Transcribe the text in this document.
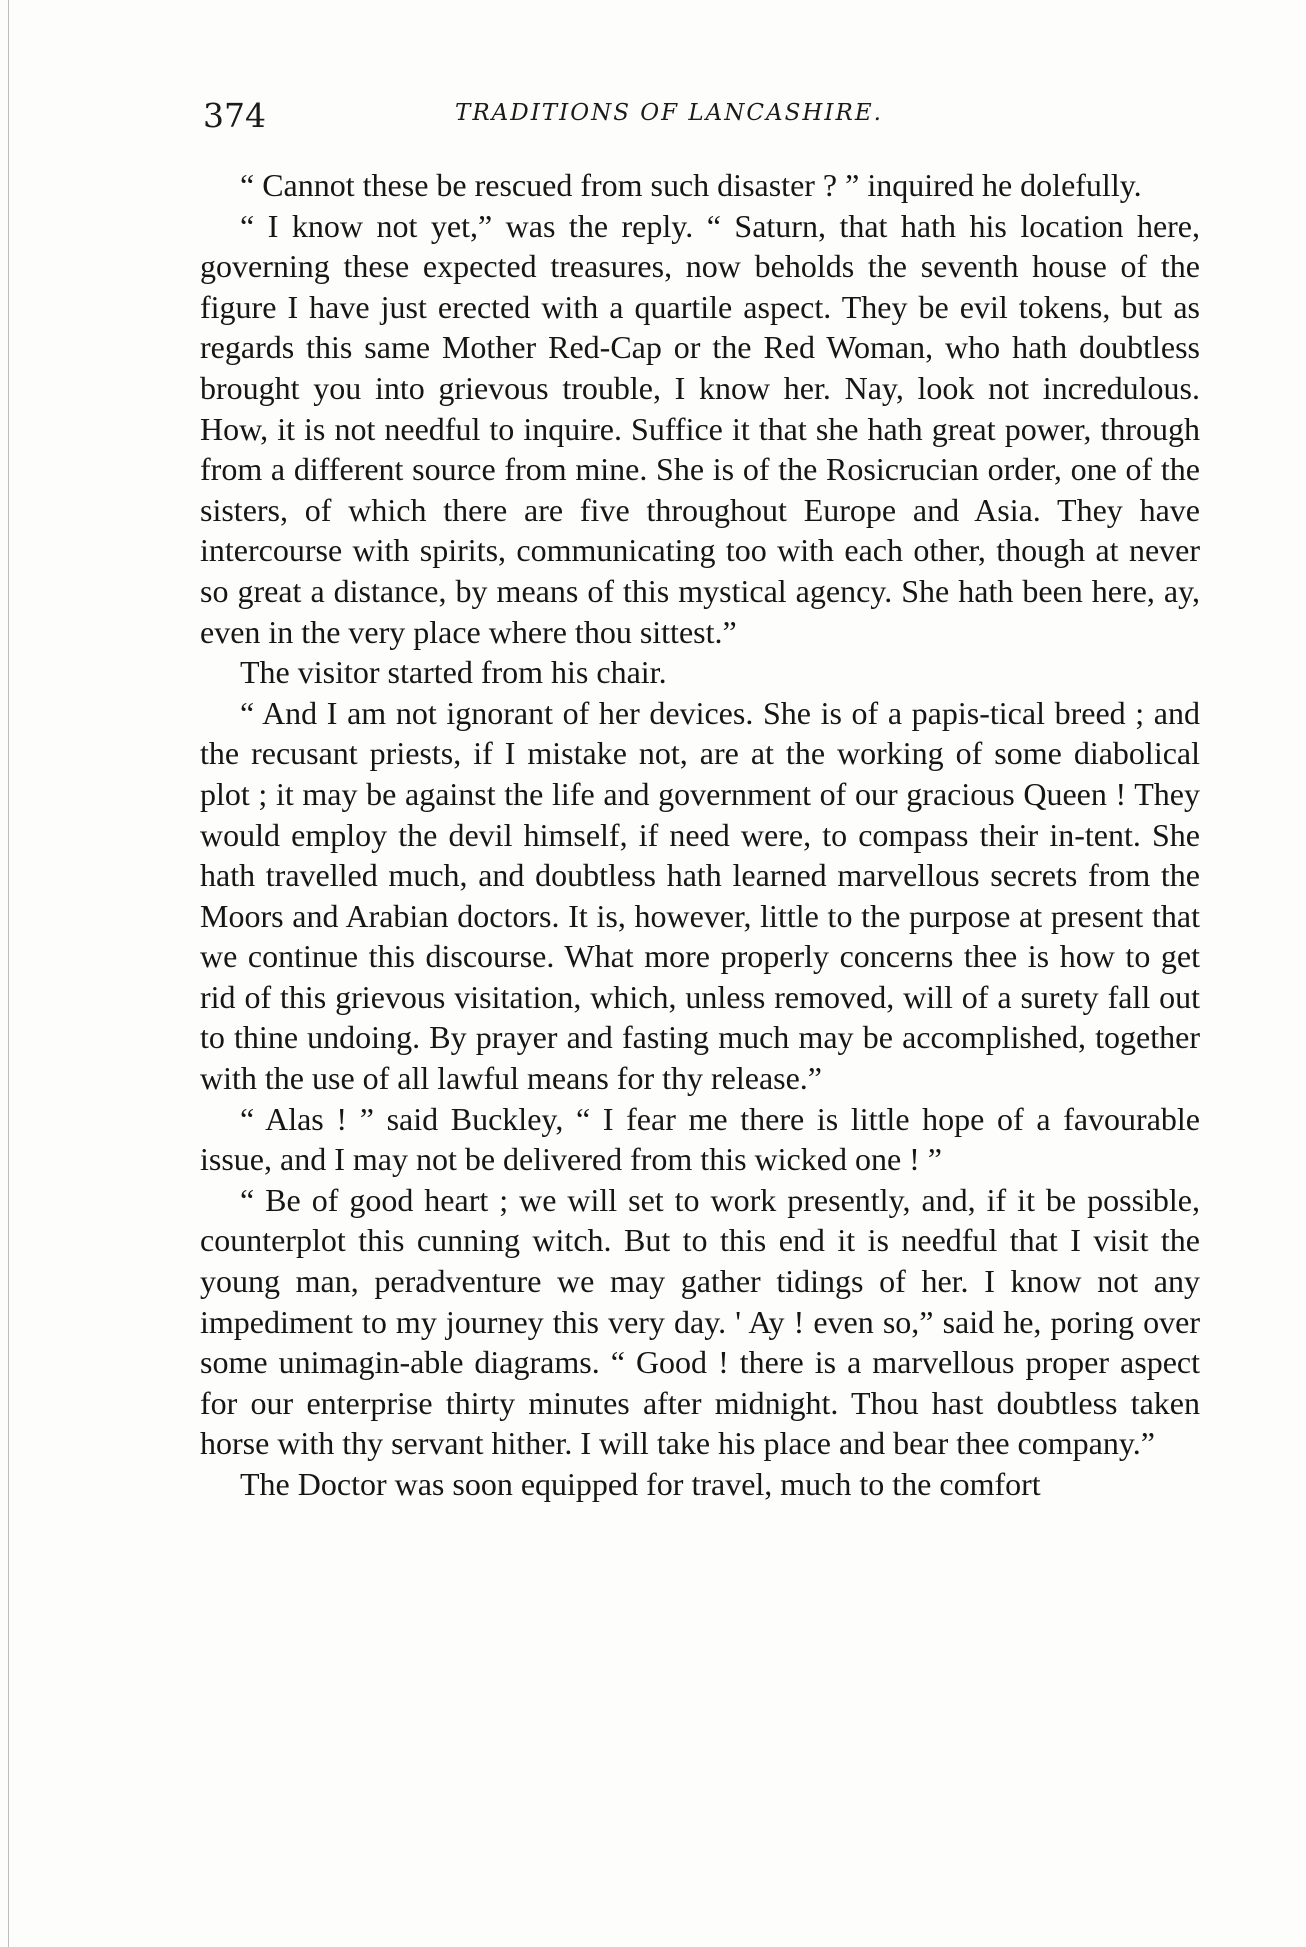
374	TRADITIONS OF LANCASHIRE.

“ Cannot these be rescued from such disaster ? ” inquired he dolefully.

“ I know not yet,” was the reply. “ Saturn, that hath his location here, governing these expected treasures, now beholds the seventh house of the figure I have just erected with a quartile aspect. They be evil tokens, but as regards this same Mother Red-Cap or the Red Woman, who hath doubtless brought you into grievous trouble, I know her. Nay, look not incredulous. How, it is not needful to inquire. Suffice it that she hath great power, through from a different source from mine. She is of the Rosicrucian order, one of the sisters, of which there are five throughout Europe and Asia. They have intercourse with spirits, communicating too with each other, though at never so great a distance, by means of this mystical agency. She hath been here, ay, even in the very place where thou sittest.”

The visitor started from his chair.

“ And I am not ignorant of her devices. She is of a papis-tical breed ; and the recusant priests, if I mistake not, are at the working of some diabolical plot ; it may be against the life and government of our gracious Queen ! They would employ the devil himself, if need were, to compass their in-tent. She hath travelled much, and doubtless hath learned marvellous secrets from the Moors and Arabian doctors. It is, however, little to the purpose at present that we continue this discourse. What more properly concerns thee is how to get rid of this grievous visitation, which, unless removed, will of a surety fall out to thine undoing. By prayer and fasting much may be accomplished, together with the use of all lawful means for thy release.”

“ Alas ! ” said Buckley, “ I fear me there is little hope of a favourable issue, and I may not be delivered from this wicked one ! ”

“ Be of good heart ; we will set to work presently, and, if it be possible, counterplot this cunning witch. But to this end it is needful that I visit the young man, peradventure we may gather tidings of her. I know not any impediment to my journey this very day. ' Ay ! even so,” said he, poring over some unimagin-able diagrams. “ Good ! there is a marvellous proper aspect for our enterprise thirty minutes after midnight. Thou hast doubtless taken horse with thy servant hither. I will take his place and bear thee company.”

The Doctor was soon equipped for travel, much to the comfort
